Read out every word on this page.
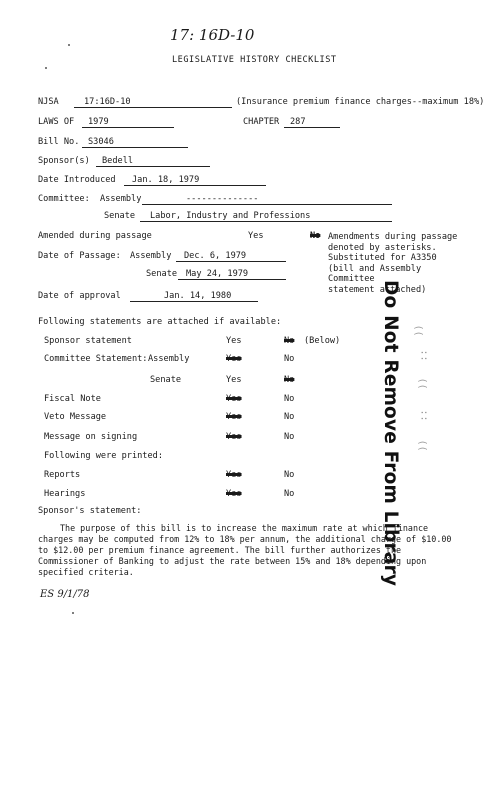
17: 16D-10
LEGISLATIVE HISTORY CHECKLIST
NJSA	17:16D-10	(Insurance premium finance charges--maximum 18%)
LAWS OF	1979	CHAPTER	287
Bill No. S3046
Sponsor(s)	Bedell
Date Introduced	Jan. 18, 1979
Committee: Assembly	--------------
Senate	Labor, Industry and Professions
Amended during passage	Yes	No Amendments during passage
denoted by asterisks.
Substituted for A3350
(bill and Assembly Committee
statement attached)
Date of Passage: Assembly	Dec. 6, 1979
Senate	May 24, 1979
Date of approval	Jan. 14, 1980
Following statements are attached if available:
Sponsor statement	Yes	No (Below)
Committee Statement: Assembly	Yes	No
Senate	Yes	No
Fiscal Note	Yes	No
Veto Message	Yes	No
Message on signing	Yes	No
Following were printed:
Reports	Yes	No
Hearings	Yes	No	Do Not Remove From Library ((
::
((
::
((
Sponsor's statement:
The purpose of this bill is to increase the maximum rate at which finance charges may be computed from 12% to 18% per annum, the additional charge of $10.00 to $12.00 per premium finance agreement. The bill further authorizes the Commissioner of Banking to adjust the rate between 15% and 18% depending upon specified criteria.
ES 9/1/78
